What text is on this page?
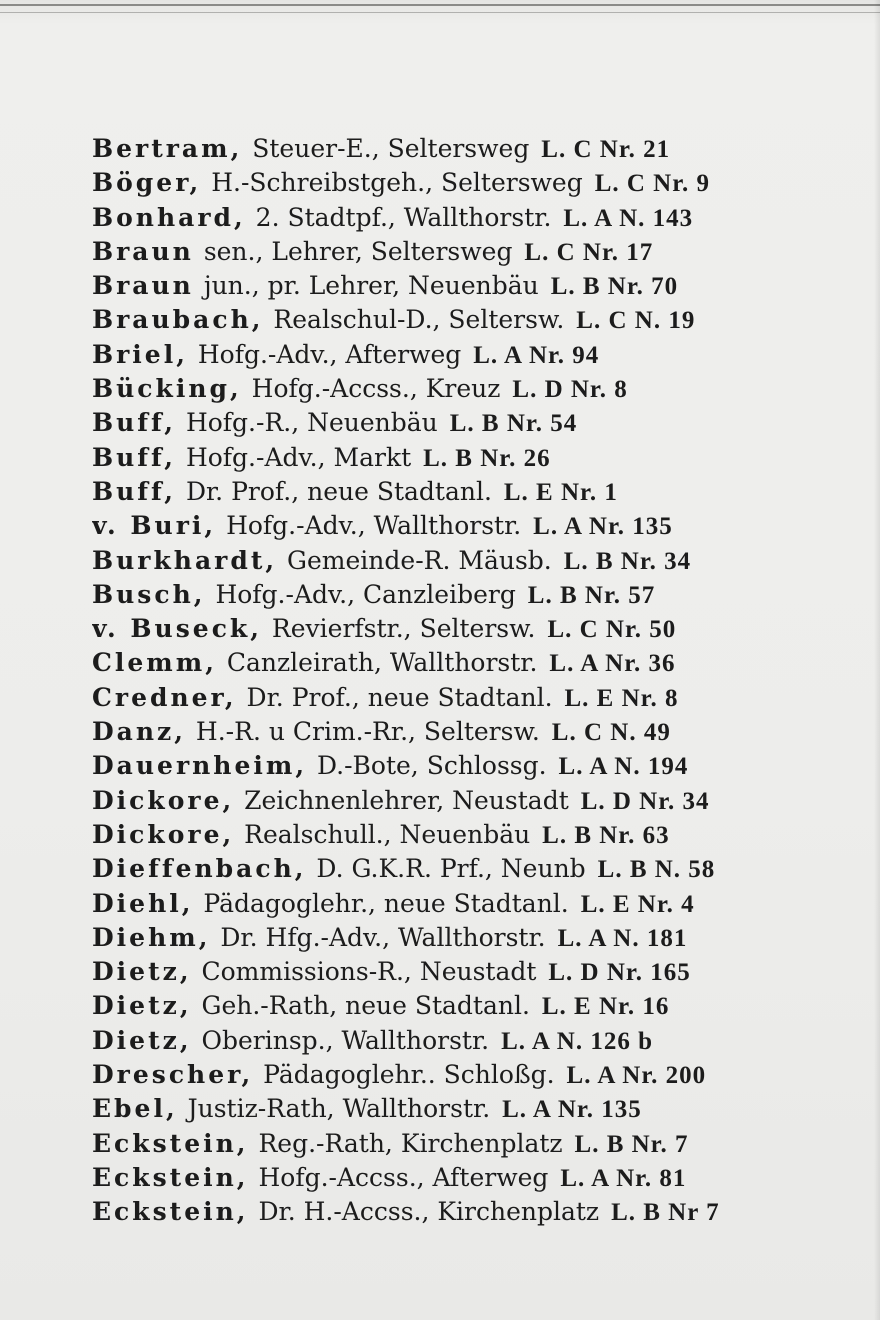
Bertram, Steuer-E., Seltersweg L. C Nr. 21
Böger, H.-Schreibstgeh., Seltersweg L. C Nr. 9
Bonhard, 2. Stadtpf., Wallthorstr. L. A N. 143
Braun sen., Lehrer, Seltersweg L. C Nr. 17
Braun jun., pr. Lehrer, Neuenbäu L. B Nr. 70
Braubach, Realschul-D., Seltersw. L. C N. 19
Briel, Hofg.-Adv., Afterweg L. A Nr. 94
Bücking, Hofg.-Accss., Kreuz L. D Nr. 8
Buff, Hofg.-R., Neuenbäu L. B Nr. 54
Buff, Hofg.-Adv., Markt L. B Nr. 26
Buff, Dr. Prof., neue Stadtanl. L. E Nr. 1
v. Buri, Hofg.-Adv., Wallthorstr. L. A Nr. 135
Burkhardt, Gemeinde-R. Mäusb. L. B Nr. 34
Busch, Hofg.-Adv., Canzleiberg L. B Nr. 57
v. Buseck, Revierfstr., Seltersw. L. C Nr. 50
Clemm, Canzleirath, Wallthorstr. L. A Nr. 36
Credner, Dr. Prof., neue Stadtanl. L. E Nr. 8
Danz, H.-R. u Crim.-Rr., Seltersw. L. C N. 49
Dauernheim, D.-Bote, Schlossg. L. A N. 194
Dickore, Zeichnenlehrer, Neustadt L. D Nr. 34
Dickore, Realschull., Neuenbäu L. B Nr. 63
Dieffenbach, D. G.K.R. Prf., Neunb L. B N. 58
Diehl, Pädagoglehr., neue Stadtanl. L. E Nr. 4
Diehm, Dr. Hfg.-Adv., Wallthorstr. L. A N. 181
Dietz, Commissions-R., Neustadt L. D Nr. 165
Dietz, Geh.-Rath, neue Stadtanl. L. E Nr. 16
Dietz, Oberinsp., Wallthorstr. L. A N. 126 b
Drescher, Pädagoglehr.. Schloßg. L. A Nr. 200
Ebel, Justiz-Rath, Wallthorstr. L. A Nr. 135
Eckstein, Reg.-Rath, Kirchenplatz L. B Nr. 7
Eckstein, Hofg.-Accss., Afterweg L. A Nr. 81
Eckstein, Dr. H.-Accss., Kirchenplatz L. B Nr 7
